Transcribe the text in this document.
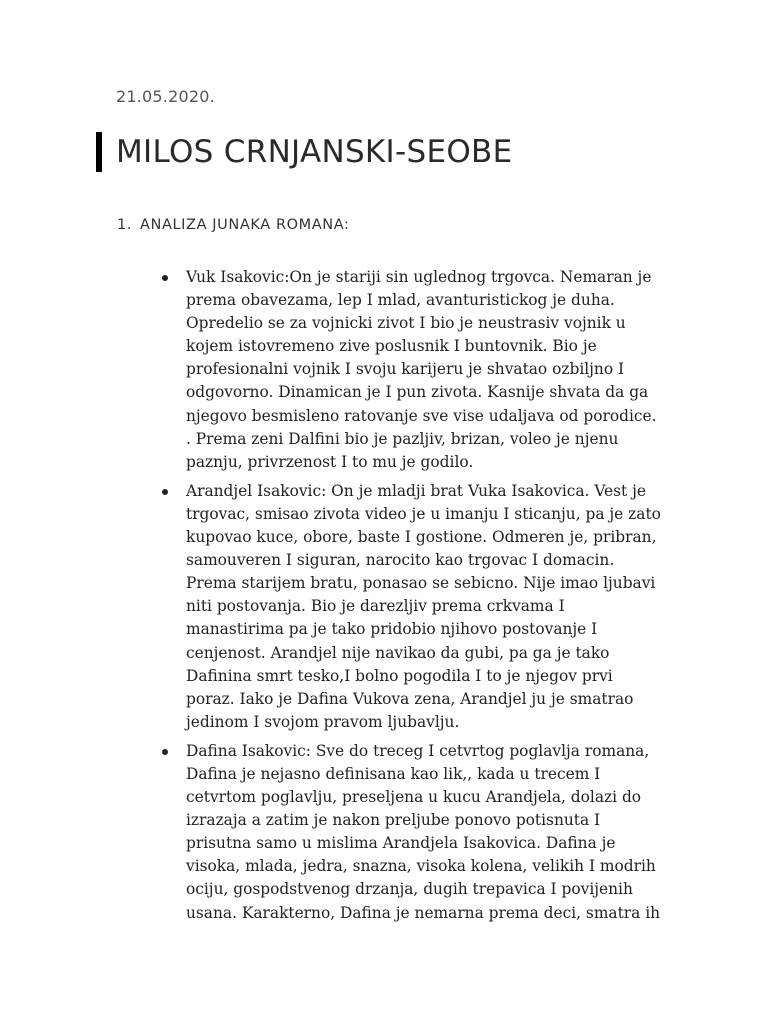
21.05.2020.
MILOS CRNJANSKI-SEOBE
1. ANALIZA JUNAKA ROMANA:
Vuk Isakovic:On je stariji sin uglednog trgovca. Nemaran je
prema obavezama, lep I mlad, avanturistickog je duha.
Opredelio se za vojnicki zivot I bio je neustrasiv vojnik u
kojem istovremeno zive poslusnik I buntovnik. Bio je
profesionalni vojnik I svoju karijeru je shvatao ozbiljno I
odgovorno. Dinamican je I pun zivota. Kasnije shvata da ga
njegovo besmisleno ratovanje sve vise udaljava od porodice.
. Prema zeni Dalfini bio je pazljiv, brizan, voleo je njenu
paznju, privrzenost I to mu je godilo.
Arandjel Isakovic: On je mladji brat Vuka Isakovica. Vest je
trgovac, smisao zivota video je u imanju I sticanju, pa je zato
kupovao kuce, obore, baste I gostione. Odmeren je, pribran,
samouveren I siguran, narocito kao trgovac I domacin.
Prema starijem bratu, ponasao se sebicno. Nije imao ljubavi
niti postovanja. Bio je darezljiv prema crkvama I
manastirima pa je tako pridobio njihovo postovanje I
cenjenost. Arandjel nije navikao da gubi, pa ga je tako
Dafinina smrt tesko,I bolno pogodila I to je njegov prvi
poraz. Iako je Dafina Vukova zena, Arandjel ju je smatrao
jedinom I svojom pravom ljubavlju.
Dafina Isakovic: Sve do treceg I cetvrtog poglavlja romana,
Dafina je nejasno definisana kao lik,, kada u trecem I
cetvrtom poglavlju, preseljena u kucu Arandjela, dolazi do
izrazaja a zatim je nakon preljube ponovo potisnuta I
prisutna samo u mislima Arandjela Isakovica. Dafina je
visoka, mlada, jedra, snazna, visoka kolena, velikih I modrih
ociju, gospodstvenog drzanja, dugih trepavica I povijenih
usana. Karakterno, Dafina je nemarna prema deci, smatra ih
